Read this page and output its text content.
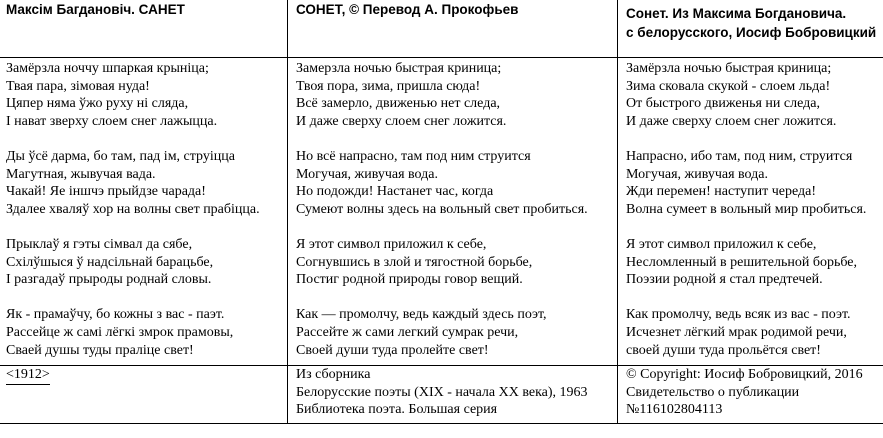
Максім Багдановіч. САНЕТ
Замёрзла ноччу шпаркая крыніца;
Твая пара, зімовая нуда!
Цяпер няма ўжо руху ні сляда,
І нават зверху слоем снег лажыцца.
Ды ўсё дарма, бо там, пад ім, струіцца
Магутная, жывучая вада.
Чакай! Яе іншчэ прыйдзе чарада!
Здалее хваляў хор на волны свет прабіцца.
Прыклаў я гэты сімвал да сябе,
Схілўшыся ў надсільнай барацьбе,
І разгадаў прыроды роднай словы.
Як - прамаўчу, бо кожны з вас - паэт.
Рассейце ж самі лёгкі змрок прамовы,
Сваей душы туды праліце свет!
<1912>
СОНЕТ, © Перевод А. Прокофьев
Замерзла ночью быстрая криница;
Твоя пора, зима, пришла сюда!
Всё замерло, движенью нет следа,
И даже сверху слоем снег ложится.
Но всё напрасно, там под ним струится
Могучая, живучая вода.
Но подожди! Настанет час, когда
Сумеют волны здесь на вольный свет пробиться.
Я этот символ приложил к себе,
Согнувшись в злой и тягостной борьбе,
Постиг родной природы говор вещий.
Как — промолчу, ведь каждый здесь поэт,
Рассейте ж сами легкий сумрак речи,
Своей души туда пролейте свет!
Из сборника
Белорусские поэты (XIX - начала XX века), 1963
Библиотека поэта. Большая серия
Сонет. Из Максима Богдановича.
с белорусского, Иосиф Бобровицкий
Замёрзла ночью быстрая криница;
Зима сковала скукой - слоем льда!
От быстрого движенья ни следа,
И даже сверху слоем снег ложится.
Напрасно, ибо там, под ним, струится
Могучая, живучая вода.
Жди перемен! наступит череда!
Волна сумеет в вольный мир пробиться.
Я этот символ приложил к себе,
Несломленный в решительной борьбе,
Поэзии родной я стал предтечей.
Как промолчу, ведь всяк из вас - поэт.
Исчезнет лёгкий мрак родимой речи,
своей души туда прольётся свет!
© Copyright: Иосиф Бобровицкий, 2016
Свидетельство о публикации
№116102804113
